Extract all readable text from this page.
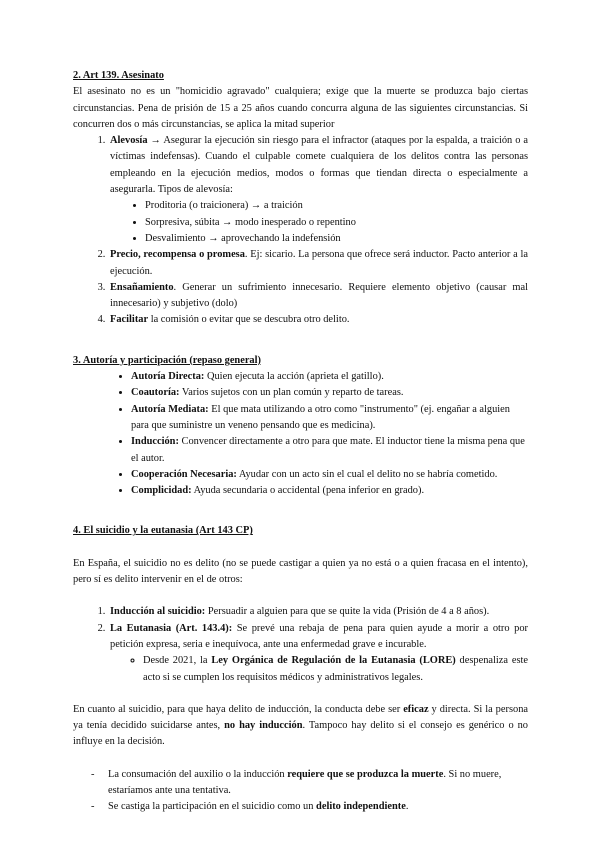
2. Art 139. Asesinato

El asesinato no es un "homicidio agravado" cualquiera; exige que la muerte se produzca bajo ciertas circunstancias. Pena de prisión de 15 a 25 años cuando concurra alguna de las siguientes circunstancias. Si concurren dos o más circunstancias, se aplica la mitad superior

1. Alevosía → Asegurar la ejecución sin riesgo para el infractor (ataques por la espalda, a traición o a víctimas indefensas). Cuando el culpable comete cualquiera de los delitos contra las personas empleando en la ejecución medios, modos o formas que tiendan directa o especialmente a asegurarla. Tipos de alevosía:
• Proditoria (o traicionera) → a traición
• Sorpresiva, súbita → modo inesperado o repentino
• Desvalimiento → aprovechando la indefensión
2. Precio, recompensa o promesa. Ej: sicario. La persona que ofrece será inductor. Pacto anterior a la ejecución.
3. Ensañamiento. Generar un sufrimiento innecesario. Requiere elemento objetivo (causar mal innecesario) y subjetivo (dolo)
4. Facilitar la comisión o evitar que se descubra otro delito.

3. Autoría y participación (repaso general)

• Autoría Directa: Quien ejecuta la acción (aprieta el gatillo).
• Coautoría: Varios sujetos con un plan común y reparto de tareas.
• Autoría Mediata: El que mata utilizando a otro como "instrumento" (ej. engañar a alguien para que suministre un veneno pensando que es medicina).
• Inducción: Convencer directamente a otro para que mate. El inductor tiene la misma pena que el autor.
• Cooperación Necesaria: Ayudar con un acto sin el cual el delito no se habría cometido.
• Complicidad: Ayuda secundaria o accidental (pena inferior en grado).

4. El suicidio y la eutanasia (Art 143 CP)

En España, el suicidio no es delito (no se puede castigar a quien ya no está o a quien fracasa en el intento), pero sí es delito intervenir en el de otros:

1. Inducción al suicidio: Persuadir a alguien para que se quite la vida (Prisión de 4 a 8 años).
2. La Eutanasia (Art. 143.4): Se prevé una rebaja de pena para quien ayude a morir a otro por petición expresa, seria e inequívoca, ante una enfermedad grave e incurable.
◦ Desde 2021, la Ley Orgánica de Regulación de la Eutanasia (LORE) despenaliza este acto si se cumplen los requisitos médicos y administrativos legales.

En cuanto al suicidio, para que haya delito de inducción, la conducta debe ser eficaz y directa. Si la persona ya tenía decidido suicidarse antes, no hay inducción. Tampoco hay delito si el consejo es genérico o no influye en la decisión.

- La consumación del auxilio o la inducción requiere que se produzca la muerte. Si no muere, estaríamos ante una tentativa.
- Se castiga la participación en el suicidio como un delito independiente.
